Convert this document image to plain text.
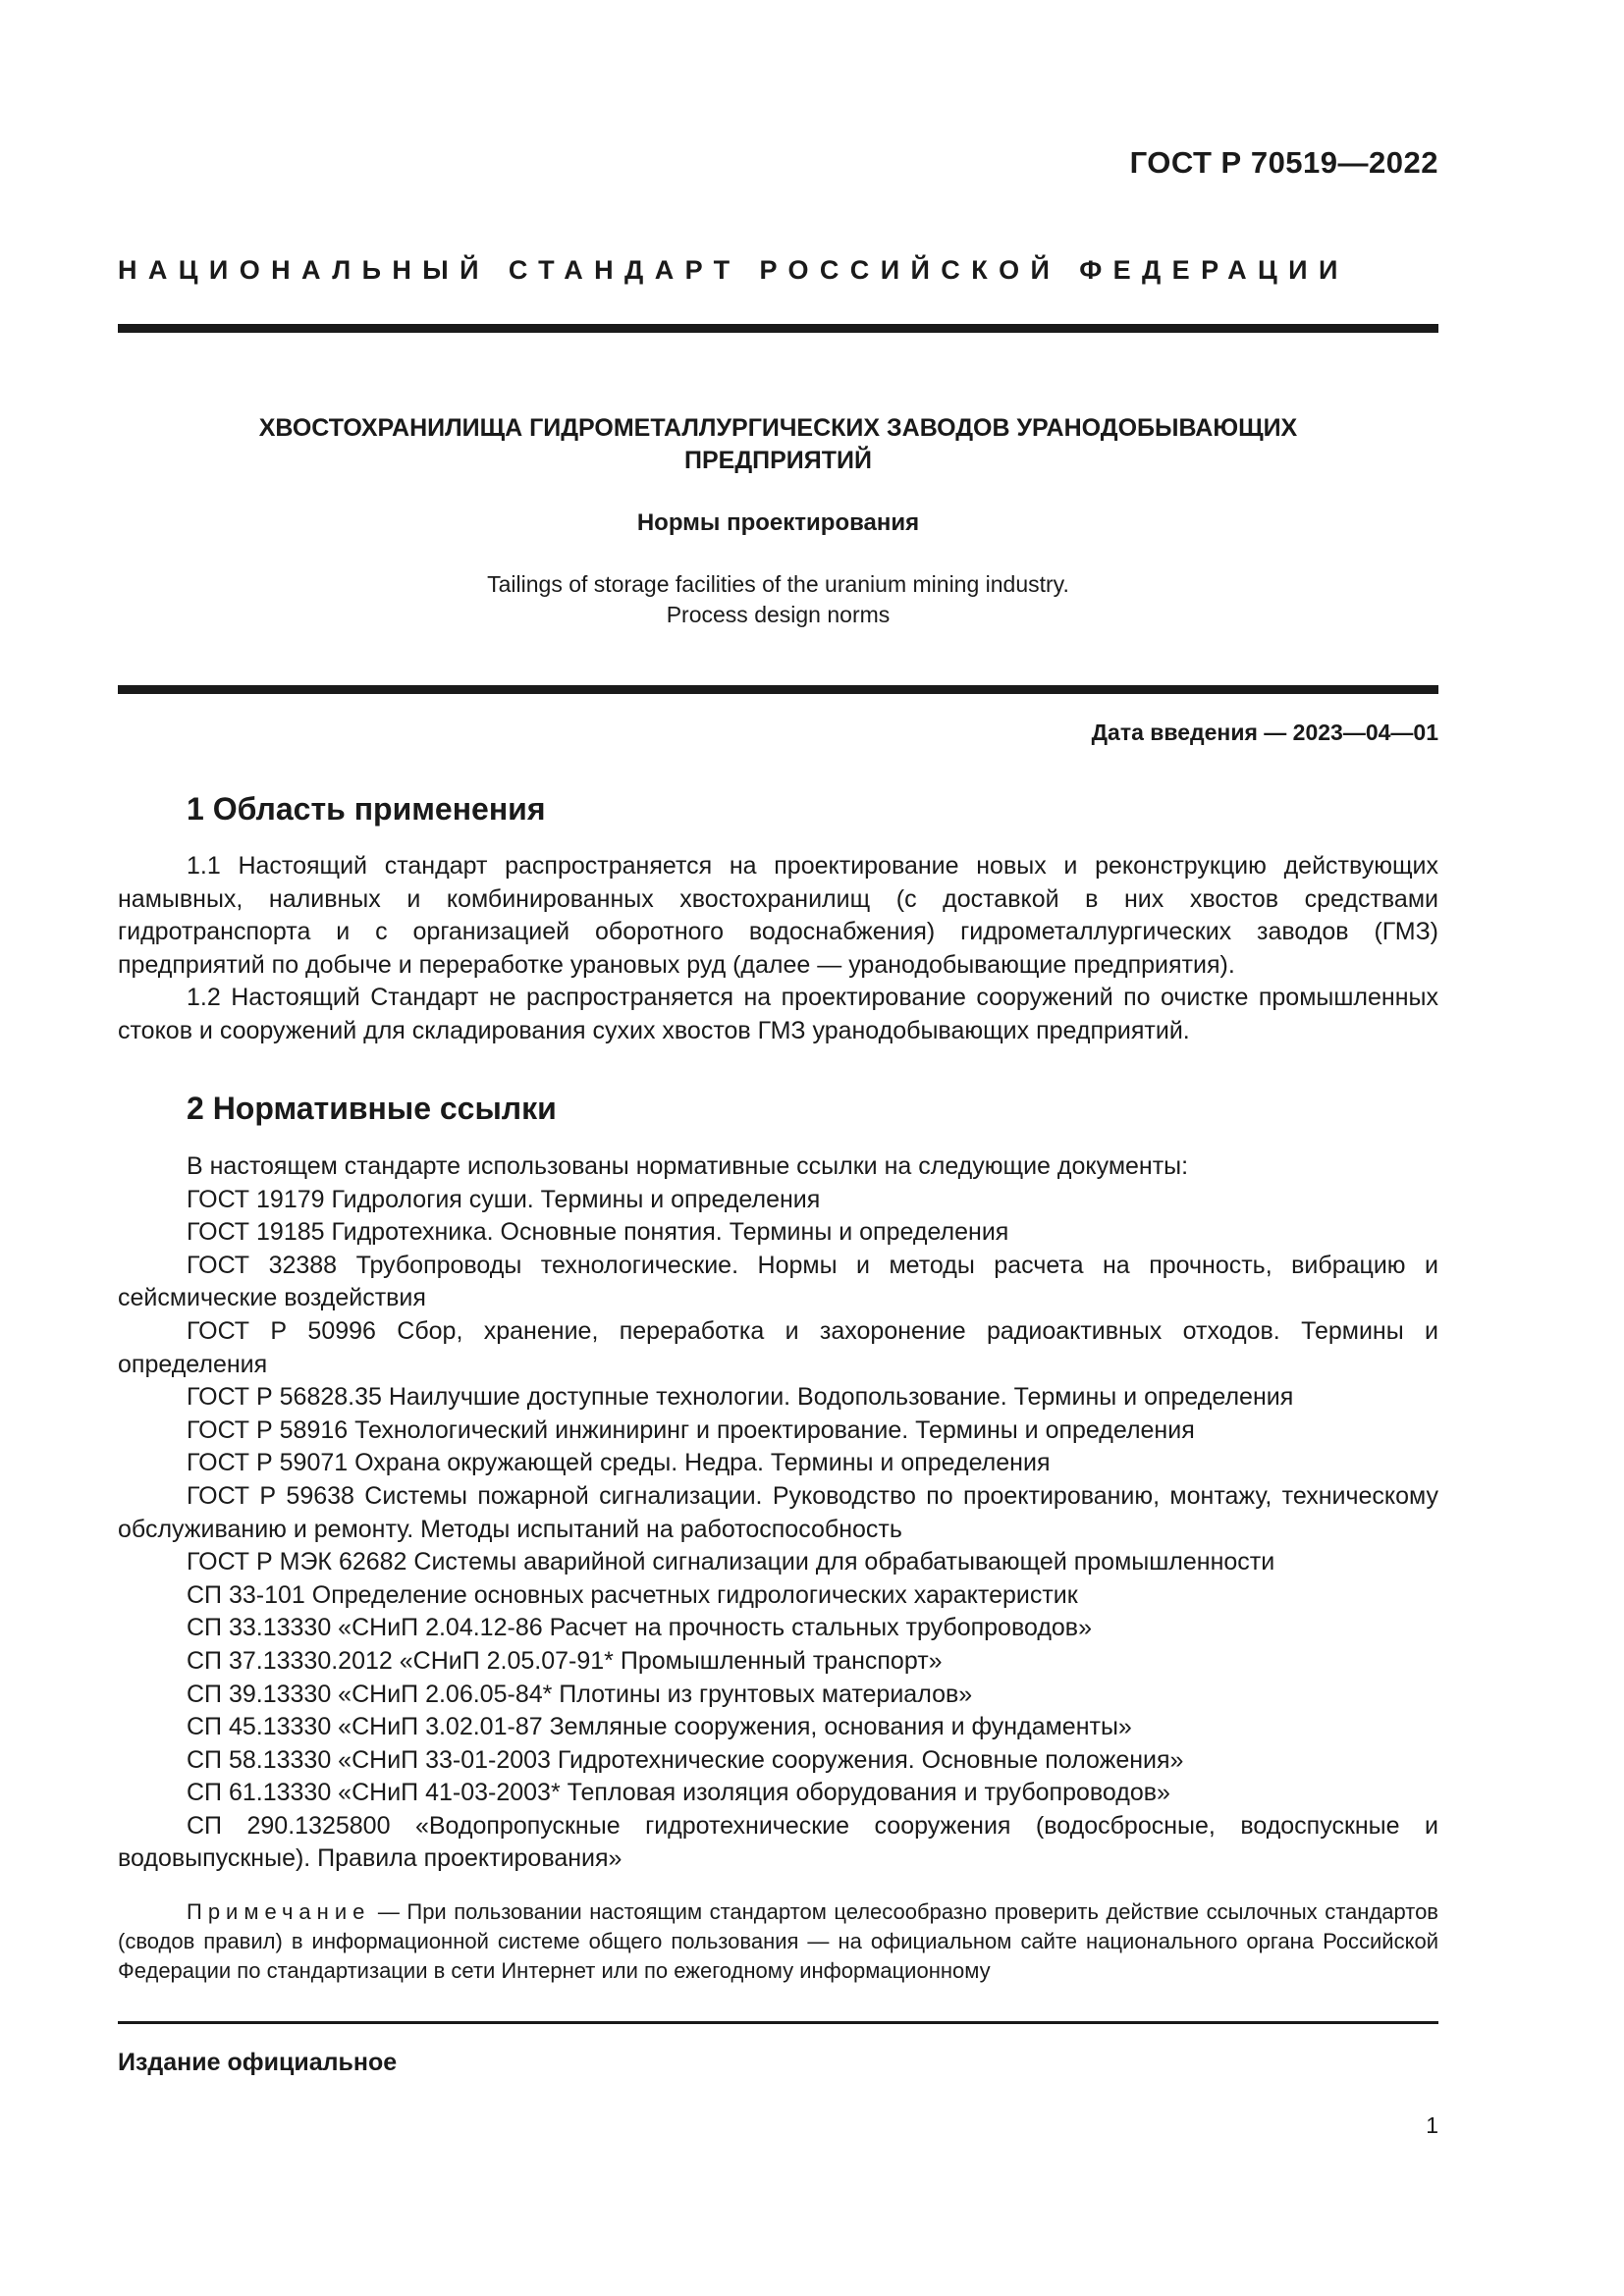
ГОСТ Р 70519—2022
НАЦИОНАЛЬНЫЙ СТАНДАРТ РОССИЙСКОЙ ФЕДЕРАЦИИ
ХВОСТОХРАНИЛИЩА ГИДРОМЕТАЛЛУРГИЧЕСКИХ ЗАВОДОВ УРАНОДОБЫВАЮЩИХ
ПРЕДПРИЯТИЙ
Нормы проектирования
Tailings of storage facilities of the uranium mining industry.
Process design norms
Дата введения — 2023—04—01
1 Область применения

1.1 Настоящий стандарт распространяется на проектирование новых и реконструкцию действующих намывных, наливных и комбинированных хвостохранилищ (с доставкой в них хвостов средствами гидротранспорта и с организацией оборотного водоснабжения) гидрометаллургических заводов (ГМЗ) предприятий по добыче и переработке урановых руд (далее — уранодобывающие предприятия).

1.2 Настоящий Стандарт не распространяется на проектирование сооружений по очистке промышленных стоков и сооружений для складирования сухих хвостов ГМЗ уранодобывающих предприятий.

2 Нормативные ссылки
В настоящем стандарте использованы нормативные ссылки на следующие документы:
ГОСТ 19179 Гидрология суши. Термины и определения
ГОСТ 19185 Гидротехника. Основные понятия. Термины и определения
ГОСТ 32388 Трубопроводы технологические. Нормы и методы расчета на прочность, вибрацию и сейсмические воздействия
ГОСТ Р 50996 Сбор, хранение, переработка и захоронение радиоактивных отходов. Термины и определения
ГОСТ Р 56828.35 Наилучшие доступные технологии. Водопользование. Термины и определения
ГОСТ Р 58916 Технологический инжиниринг и проектирование. Термины и определения
ГОСТ Р 59071 Охрана окружающей среды. Недра. Термины и определения
ГОСТ Р 59638 Системы пожарной сигнализации. Руководство по проектированию, монтажу, техническому обслуживанию и ремонту. Методы испытаний на работоспособность
ГОСТ Р МЭК 62682 Системы аварийной сигнализации для обрабатывающей промышленности
СП 33-101 Определение основных расчетных гидрологических характеристик
СП 33.13330 «СНиП 2.04.12-86 Расчет на прочность стальных трубопроводов»
СП 37.13330.2012 «СНиП 2.05.07-91* Промышленный транспорт»
СП 39.13330 «СНиП 2.06.05-84* Плотины из грунтовых материалов»
СП 45.13330 «СНиП 3.02.01-87 Земляные сооружения, основания и фундаменты»
СП 58.13330 «СНиП 33-01-2003 Гидротехнические сооружения. Основные положения»
СП 61.13330 «СНиП 41-03-2003* Тепловая изоляция оборудования и трубопроводов»
СП 290.1325800 «Водопропускные гидротехнические сооружения (водосбросные, водоспускные и водовыпускные). Правила проектирования»

Примечание — При пользовании настоящим стандартом целесообразно проверить действие ссылочных стандартов (сводов правил) в информационной системе общего пользования — на официальном сайте национального органа Российской Федерации по стандартизации в сети Интернет или по ежегодному информационному

Издание официальное
1
